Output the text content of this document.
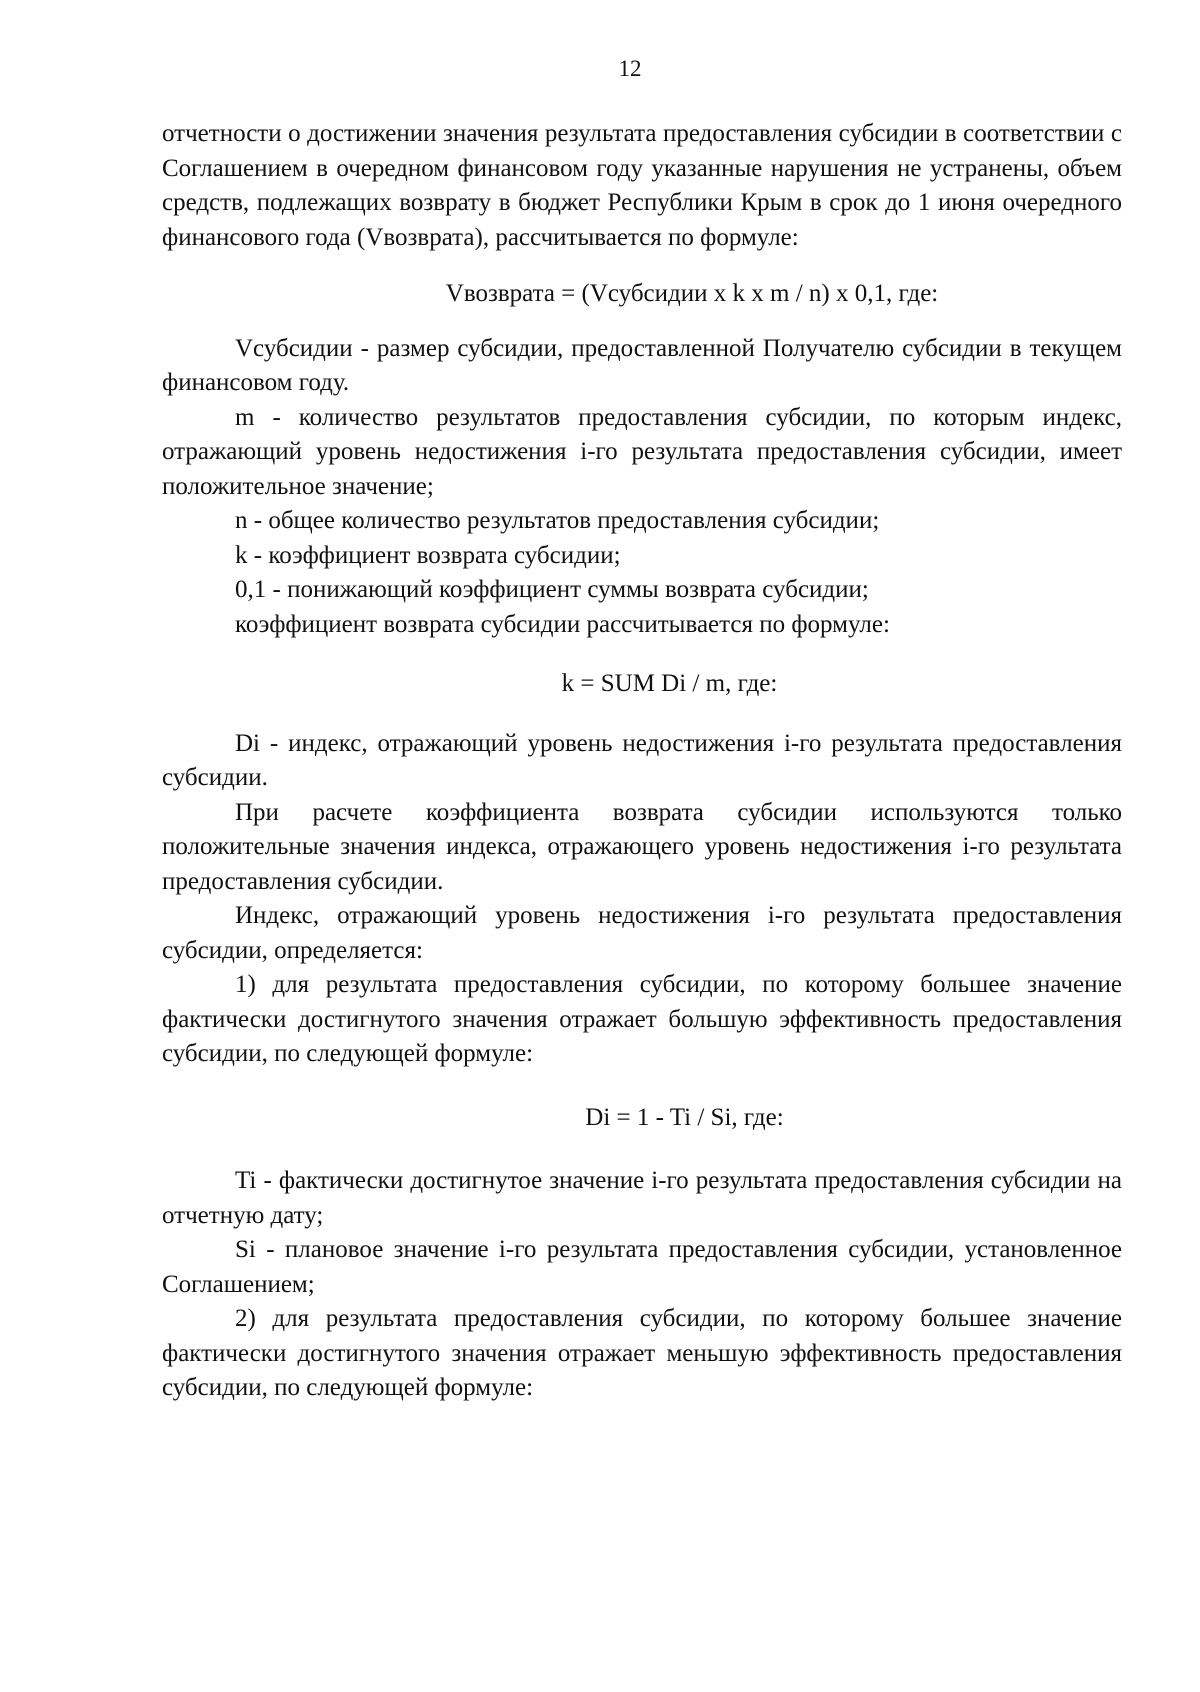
12

отчетности о достижении значения результата предоставления субсидии в соответствии с Соглашением в очередном финансовом году указанные нарушения не устранены, объем средств, подлежащих возврату в бюджет Республики Крым в срок до 1 июня очередного финансового года (Vвозврата), рассчитывается по формуле:

Vвозврата = (Vсубсидии x k x m / n) x 0,1, где:

Vсубсидии - размер субсидии, предоставленной Получателю субсидии в текущем финансовом году.

m - количество результатов предоставления субсидии, по которым индекс, отражающий уровень недостижения i-го результата предоставления субсидии, имеет положительное значение;

n - общее количество результатов предоставления субсидии;

k - коэффициент возврата субсидии;

0,1 - понижающий коэффициент суммы возврата субсидии;

коэффициент возврата субсидии рассчитывается по формуле:

k = SUM Di / m, где:

Di - индекс, отражающий уровень недостижения i-го результата предоставления субсидии.

При расчете коэффициента возврата субсидии используются только положительные значения индекса, отражающего уровень недостижения i-го результата предоставления субсидии.

Индекс, отражающий уровень недостижения i-го результата предоставления субсидии, определяется:

1) для результата предоставления субсидии, по которому большее значение фактически достигнутого значения отражает большую эффективность предоставления субсидии, по следующей формуле:

Di = 1 - Ti / Si, где:

Ti - фактически достигнутое значение i-го результата предоставления субсидии на отчетную дату;

Si - плановое значение i-го результата предоставления субсидии, установленное Соглашением;

2) для результата предоставления субсидии, по которому большее значение фактически достигнутого значения отражает меньшую эффективность предоставления субсидии, по следующей формуле:
